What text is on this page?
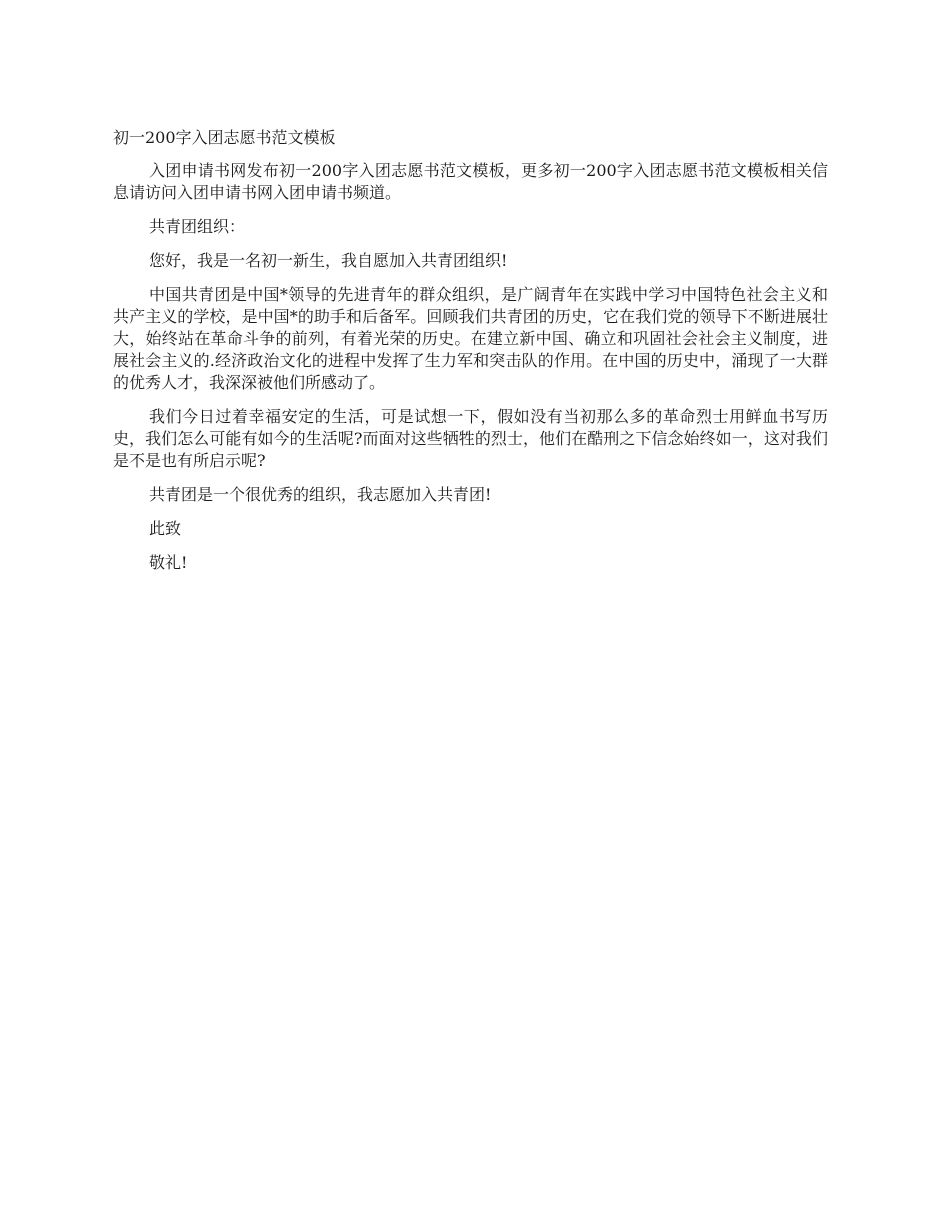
初一200字入团志愿书范文模板

入团申请书网发布初一200字入团志愿书范文模板，更多初一200字入团志愿书范文模板相关信息请访问入团申请书网入团申请书频道。

共青团组织：

您好，我是一名初一新生，我自愿加入共青团组织!

中国共青团是中国*领导的先进青年的群众组织，是广阔青年在实践中学习中国特色社会主义和共产主义的学校，是中国*的助手和后备军。回顾我们共青团的历史，它在我们党的领导下不断进展壮大，始终站在革命斗争的前列，有着光荣的历史。在建立新中国、确立和巩固社会社会主义制度，进展社会主义的.经济政治文化的进程中发挥了生力军和突击队的作用。在中国的历史中，涌现了一大群的优秀人才，我深深被他们所感动了。

我们今日过着幸福安定的生活，可是试想一下，假如没有当初那么多的革命烈士用鲜血书写历史，我们怎么可能有如今的生活呢?而面对这些牺牲的烈士，他们在酷刑之下信念始终如一，这对我们是不是也有所启示呢?

共青团是一个很优秀的组织，我志愿加入共青团!

此致

敬礼!
